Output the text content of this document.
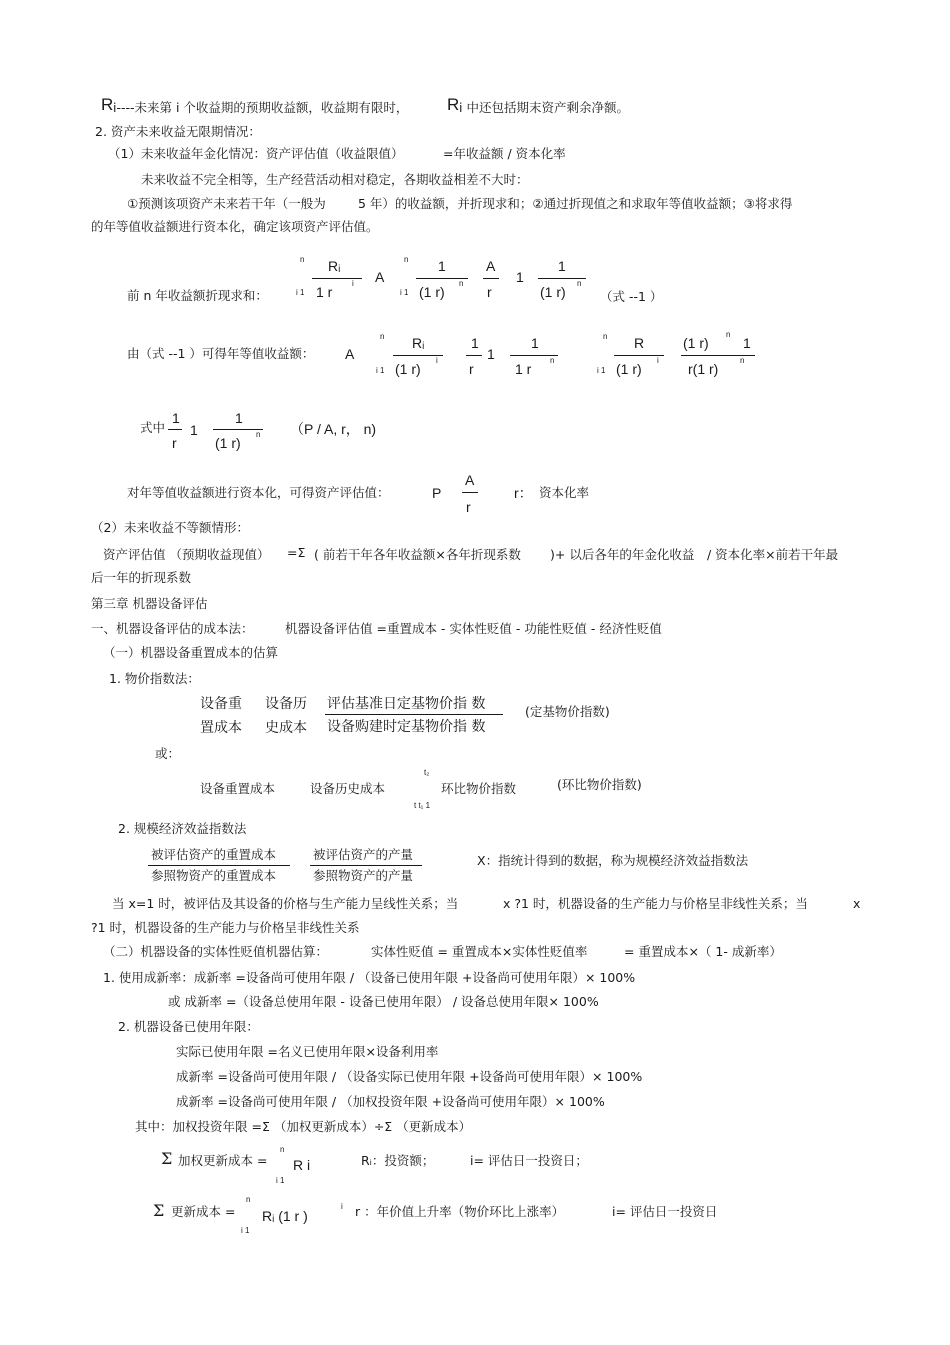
R i----未来第 i 个收益期的预期收益额，收益期有限时， R i 中还包括期末资产剩余净额。
2. 资产未来收益无限期情况：
（1）未来收益年金化情况：资产评估值（收益限值）	=年收益额 / 资本化率
未来收益不完全相等，生产经营活动相对稳定，各期收益相差不大时：
①预测该项资产未来若干年（一般为	5 年）的收益额，并折现求和；②通过折现值之和求取年等值收益额；③将求得
的年等值收益额进行资本化，确定该项资产评估值。
前 n 年收益额折现求和：
n
i 1
Rᵢ
1 r
i A
n
i 1
1
(1 r)
n
A
r
1
1
(1 r)
n
（式 --1 ）
由（式 --1 ）可得年等值收益额： A
n
i 1
Rᵢ
(1 r)
i
1
r
1
1
1 r
n
n
i 1
R
(1 r)
i
(1 r)
n
1
r(1 r)
n
式中
1
r
1
1
(1 r)
n （P / A, r， n)
对年等值收益额进行资本化，可得资产评估值：	P
A
r
r： 资本化率
（2）未来收益不等额情形：
资产评估值 （预期收益现值） =Σ ( 前若干年各年收益额×各年折现系数 )+ 以后各年的年金化收益 / 资本化率×前若干年最
后一年的折现系数
第三章 机器设备评估
一、机器设备评估的成本法：	机器设备评估值 =重置成本 - 实体性贬值 - 功能性贬值 - 经济性贬值
（一）机器设备重置成本的估算
1. 物价指数法：
设备重
置成本
设备历
史成本
评估基准日定基物价指 数
设备购建时定基物价指 数
(定基物价指数)
或：
设备重置成本	设备历史成本
t₂
t t₁ 1
环比物价指数	(环比物价指数)
2. 规模经济效益指数法
被评估资产的重置成本
参照物资产的重置成本
被评估资产的产量
参照物资产的产量
X：指统计得到的数据，称为规模经济效益指数法
当 x=1 时，被评估及其设备的价格与生产能力呈线性关系；当	x ?1 时，机器设备的生产能力与价格呈非线性关系；当	x
?1 时，机器设备的生产能力与价格呈非线性关系
（二）机器设备的实体性贬值机器估算：	实体性贬值 = 重置成本×实体性贬值率	= 重置成本×（ 1- 成新率）
1. 使用成新率：成新率 =设备尚可使用年限 / （设备已使用年限 +设备尚可使用年限）× 100%
或 成新率 =（设备总使用年限 - 设备已使用年限） / 设备总使用年限× 100%
2. 机器设备已使用年限：
实际已使用年限 =名义已使用年限×设备利用率
成新率 =设备尚可使用年限 / （设备实际已使用年限 +设备尚可使用年限）× 100%
成新率 =设备尚可使用年限 / （加权投资年限 +设备尚可使用年限）× 100%
其中：加权投资年限 =Σ （加权更新成本）÷Σ （更新成本）
Σ 加权更新成本 =
n
i 1
R i	Rᵢ：投资额；	i= 评估日一投资日；
Σ 更新成本 =
n
i 1
Rᵢ (1 r )
i r ：年价值上升率（物价环比上涨率）	i= 评估日一投资日
